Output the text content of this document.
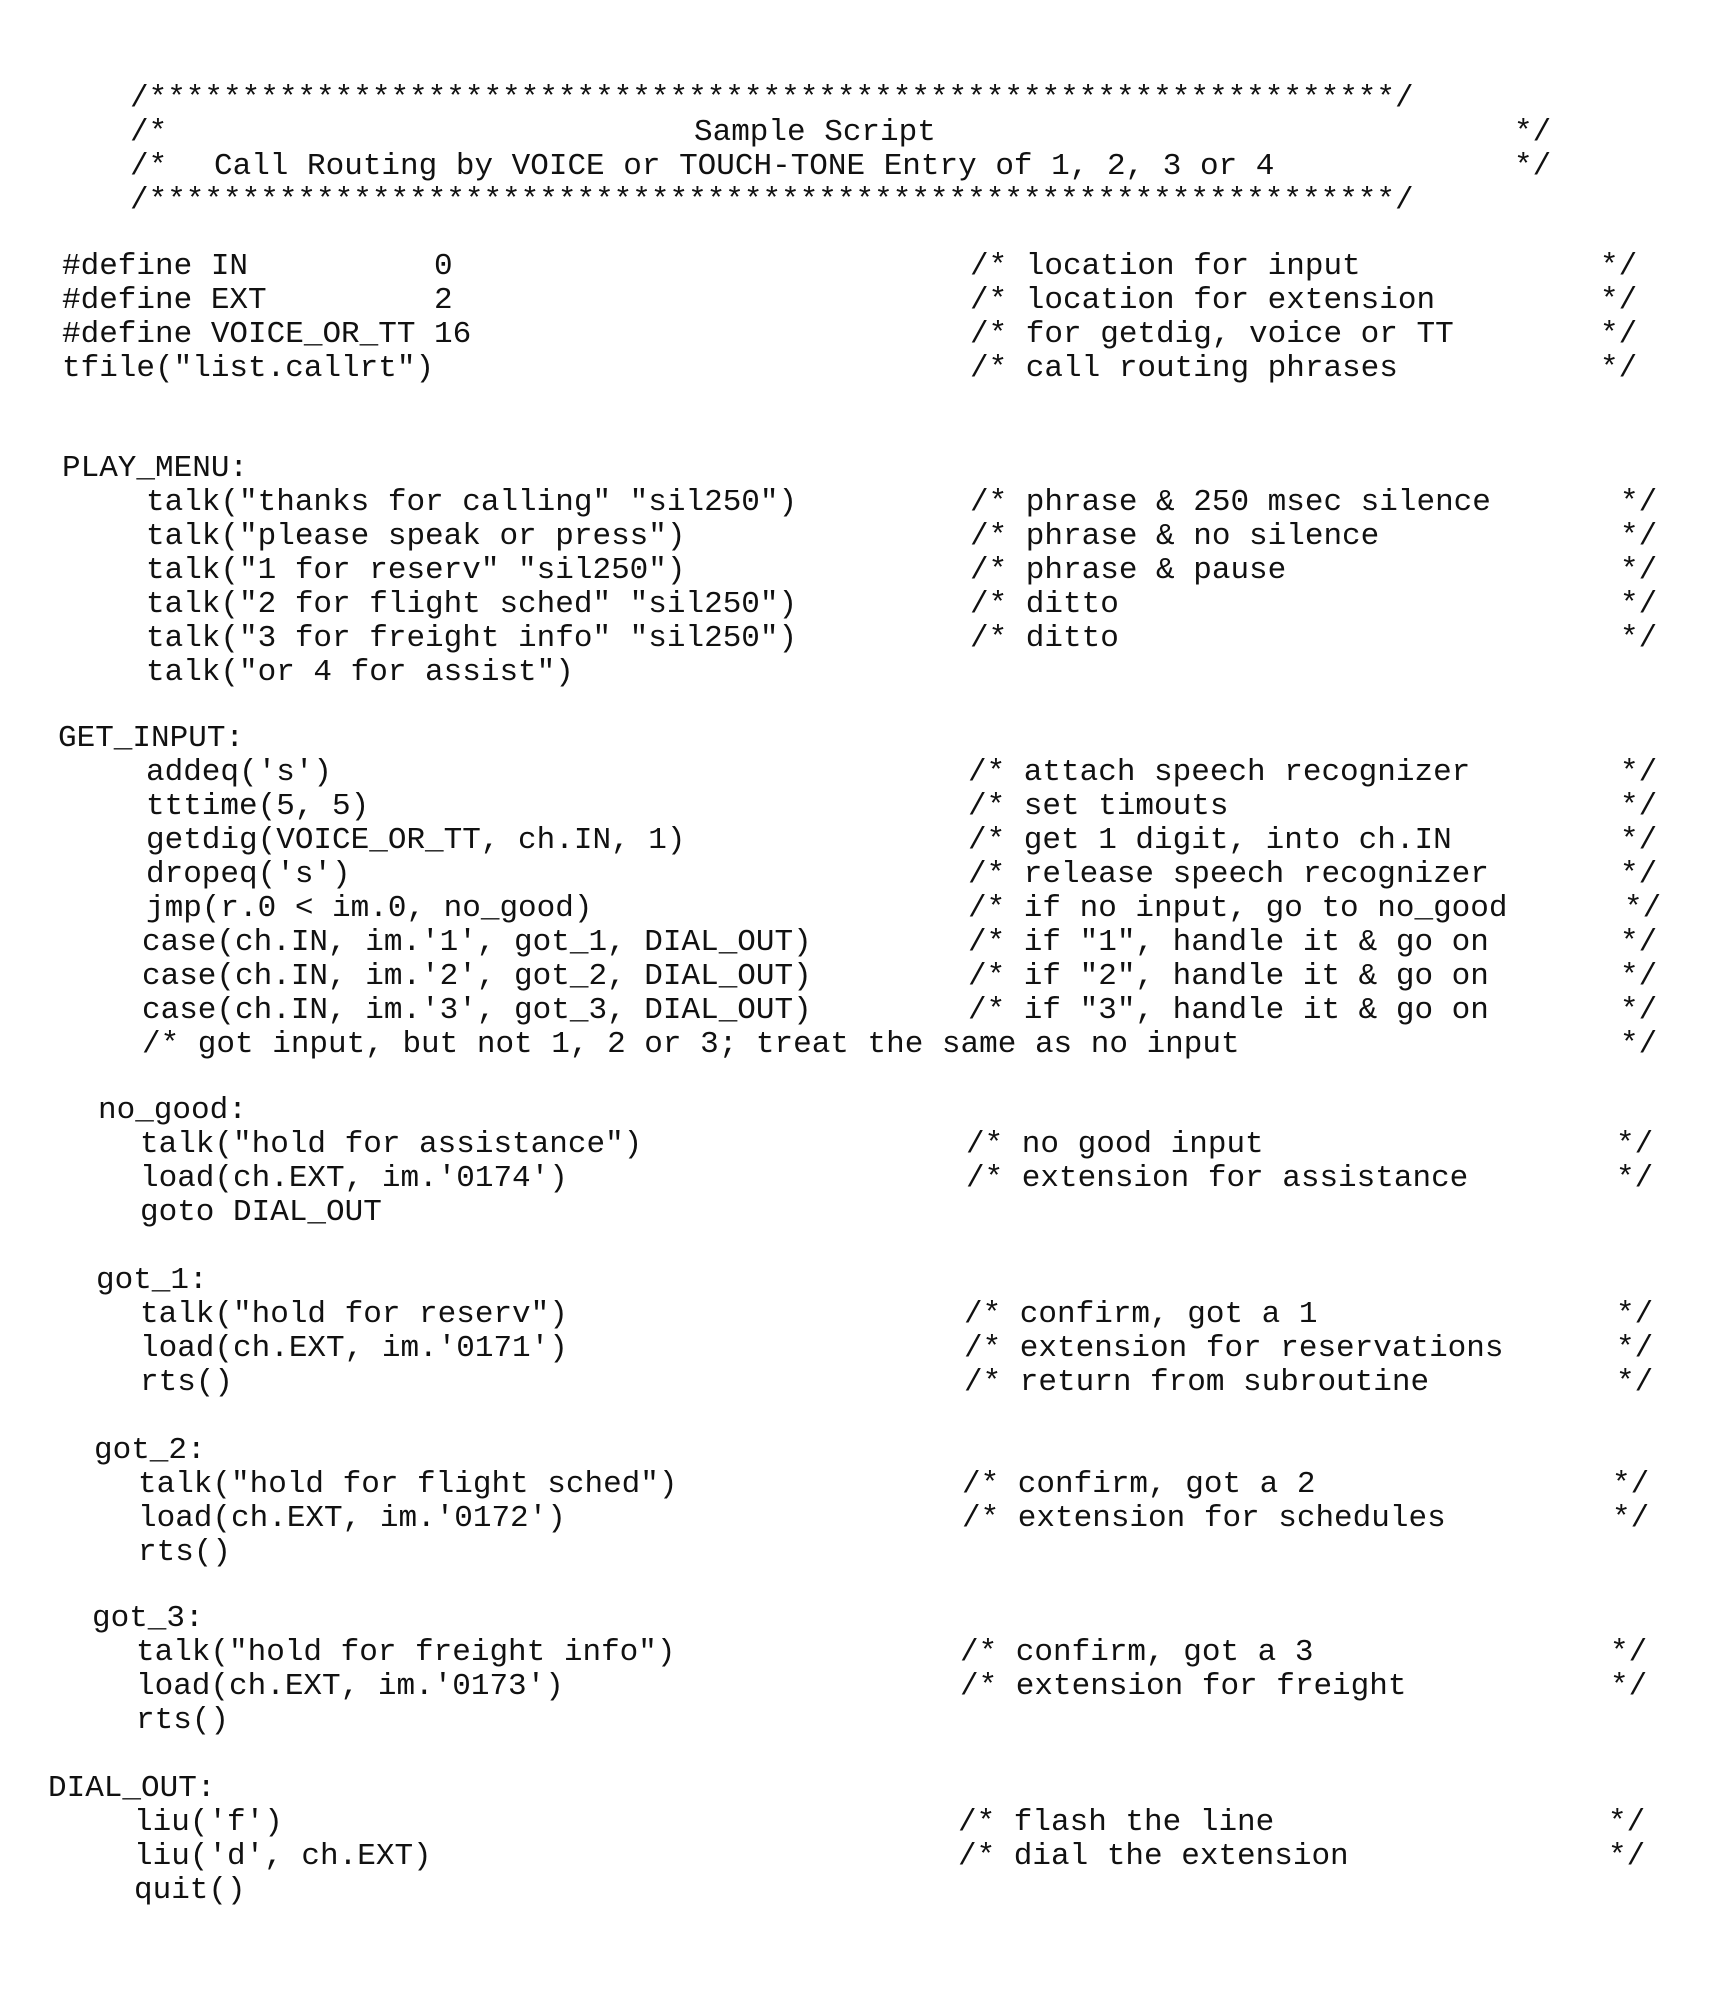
/*******************************************************************/
/*	Sample Script	*/
/* Call Routing by VOICE or TOUCH-TONE Entry of 1, 2, 3 or 4	*/
/*******************************************************************/
#define IN          0	/* location for input	*/
#define EXT         2	/* location for extension	*/
#define VOICE_OR_TT 16	/* for getdig, voice or TT	*/
tfile("list.callrt")	/* call routing phrases	*/
PLAY_MENU:
talk("thanks for calling" "sil250")	/* phrase & 250 msec silence	*/
talk("please speak or press")	/* phrase & no silence	*/
talk("1 for reserv" "sil250")	/* phrase & pause	*/
talk("2 for flight sched" "sil250")	/* ditto	*/
talk("3 for freight info" "sil250")	/* ditto	*/
talk("or 4 for assist")
GET_INPUT:
addeq('s')	/* attach speech recognizer	*/
tttime(5, 5)	/* set timouts	*/
getdig(VOICE_OR_TT, ch.IN, 1)	/* get 1 digit, into ch.IN	*/
dropeq('s')	/* release speech recognizer	*/
jmp(r.0 < im.0, no_good)	/* if no input, go to no_good	*/
case(ch.IN, im.'1', got_1, DIAL_OUT)	/* if "1", handle it & go on	*/
case(ch.IN, im.'2', got_2, DIAL_OUT)	/* if "2", handle it & go on	*/
case(ch.IN, im.'3', got_3, DIAL_OUT)	/* if "3", handle it & go on	*/
/* got input, but not 1, 2 or 3; treat the same as no input	*/
no_good:
talk("hold for assistance")	/* no good input	*/
load(ch.EXT, im.'0174')	/* extension for assistance	*/
goto DIAL_OUT
got_1:
talk("hold for reserv")	/* confirm, got a 1	*/
load(ch.EXT, im.'0171')	/* extension for reservations	*/
rts()	/* return from subroutine	*/
got_2:
talk("hold for flight sched")	/* confirm, got a 2	*/
load(ch.EXT, im.'0172')	/* extension for schedules	*/
rts()
got_3:
talk("hold for freight info")	/* confirm, got a 3	*/
load(ch.EXT, im.'0173')	/* extension for freight	*/
rts()
DIAL_OUT:
liu('f')	/* flash the line	*/
liu('d', ch.EXT)	/* dial the extension	*/
quit()
